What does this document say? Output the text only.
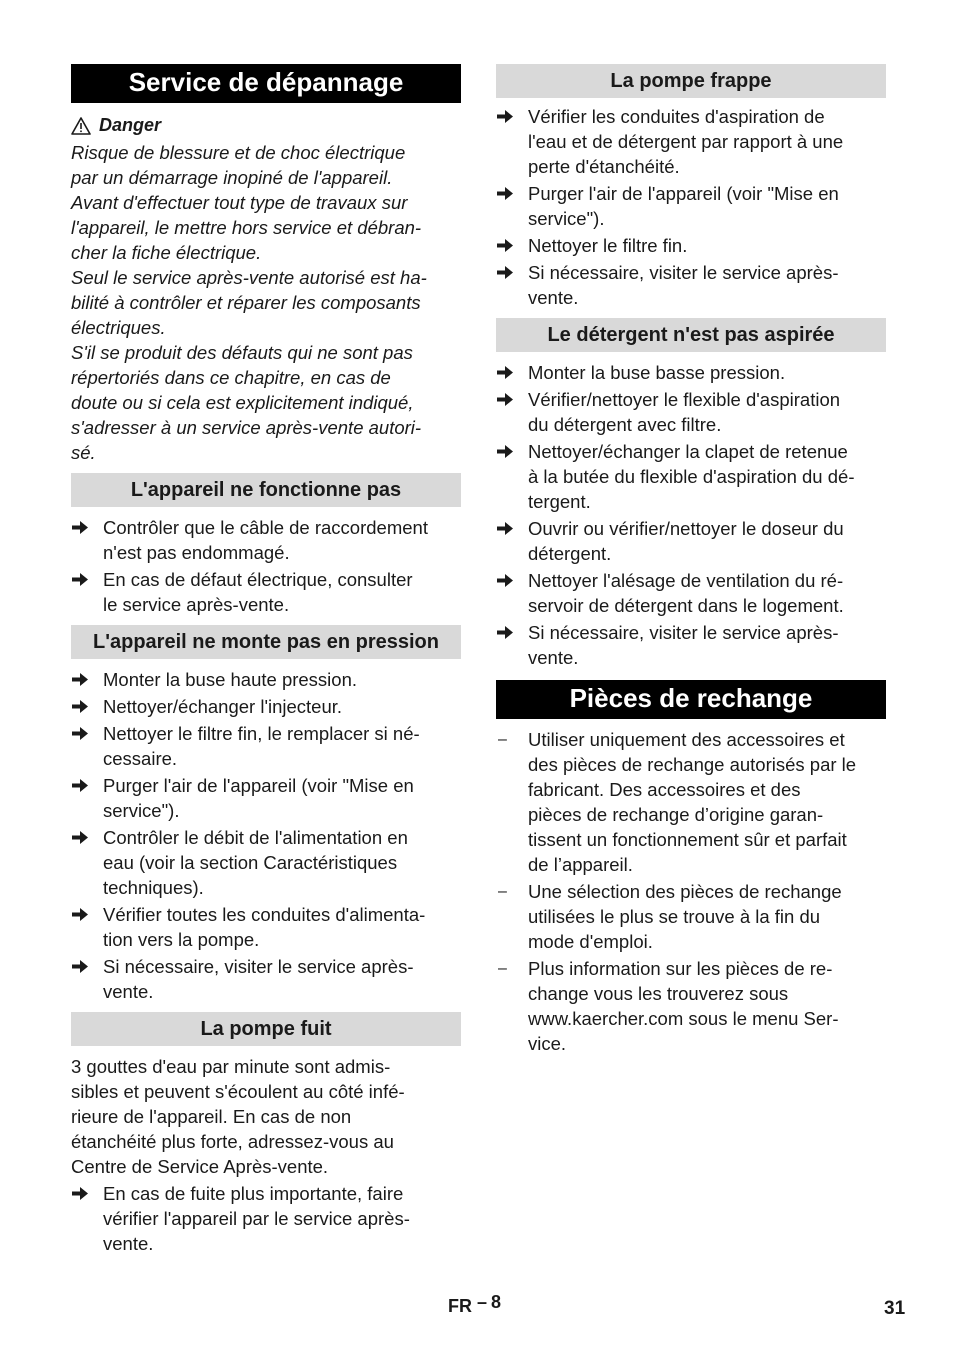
Service de dépannage
Danger
Risque de blessure et de choc électrique
par un démarrage inopiné de l'appareil.
Avant d'effectuer tout type de travaux sur
l'appareil, le mettre hors service et débran-
cher la fiche électrique.
Seul le service après-vente autorisé est ha-
bilité à contrôler et réparer les composants
électriques.
S'il se produit des défauts qui ne sont pas
répertoriés dans ce chapitre, en cas de
doute ou si cela est explicitement indiqué,
s'adresser à un service après-vente autori-
sé.
L'appareil ne fonctionne pas
Contrôler que le câble de raccordement
n'est pas endommagé.
En cas de défaut électrique, consulter
le service après-vente.
L'appareil ne monte pas en pression
Monter la buse haute pression.
Nettoyer/échanger l'injecteur.
Nettoyer le filtre fin, le remplacer si né-
cessaire.
Purger l'air de l'appareil (voir "Mise en
service").
Contrôler le débit de l'alimentation en
eau (voir la section Caractéristiques
techniques).
Vérifier toutes les conduites d'alimenta-
tion vers la pompe.
Si nécessaire, visiter le service après-
vente.
La pompe fuit
3 gouttes d'eau par minute sont admis-
sibles et peuvent s'écoulent au côté infé-
rieure de l'appareil. En cas de non
étanchéité plus forte, adressez-vous au
Centre de Service Après-vente.
En cas de fuite plus importante, faire
vérifier l'appareil par le service après-
vente.
La pompe frappe
Vérifier les conduites d'aspiration de
l'eau et de détergent par rapport à une
perte d'étanchéité.
Purger l'air de l'appareil (voir "Mise en
service").
Nettoyer le filtre fin.
Si nécessaire, visiter le service après-
vente.
Le détergent n'est pas aspirée
Monter la buse basse pression.
Vérifier/nettoyer le flexible d'aspiration
du détergent avec filtre.
Nettoyer/échanger la clapet de retenue
à la butée du flexible d'aspiration du dé-
tergent.
Ouvrir ou vérifier/nettoyer le doseur du
détergent.
Nettoyer l'alésage de ventilation du ré-
servoir de détergent dans le logement.
Si nécessaire, visiter le service après-
vente.
Pièces de rechange
– Utiliser uniquement des accessoires et
des pièces de rechange autorisés par le
fabricant. Des accessoires et des
pièces de rechange d’origine garan-
tissent un fonctionnement sûr et parfait
de l’appareil.
– Une sélection des pièces de rechange
utilisées le plus se trouve à la fin du
mode d'emploi.
– Plus information sur les pièces de re-
change vous les trouverez sous
www.kaercher.com sous le menu Ser-
vice.
FR – 8	31
